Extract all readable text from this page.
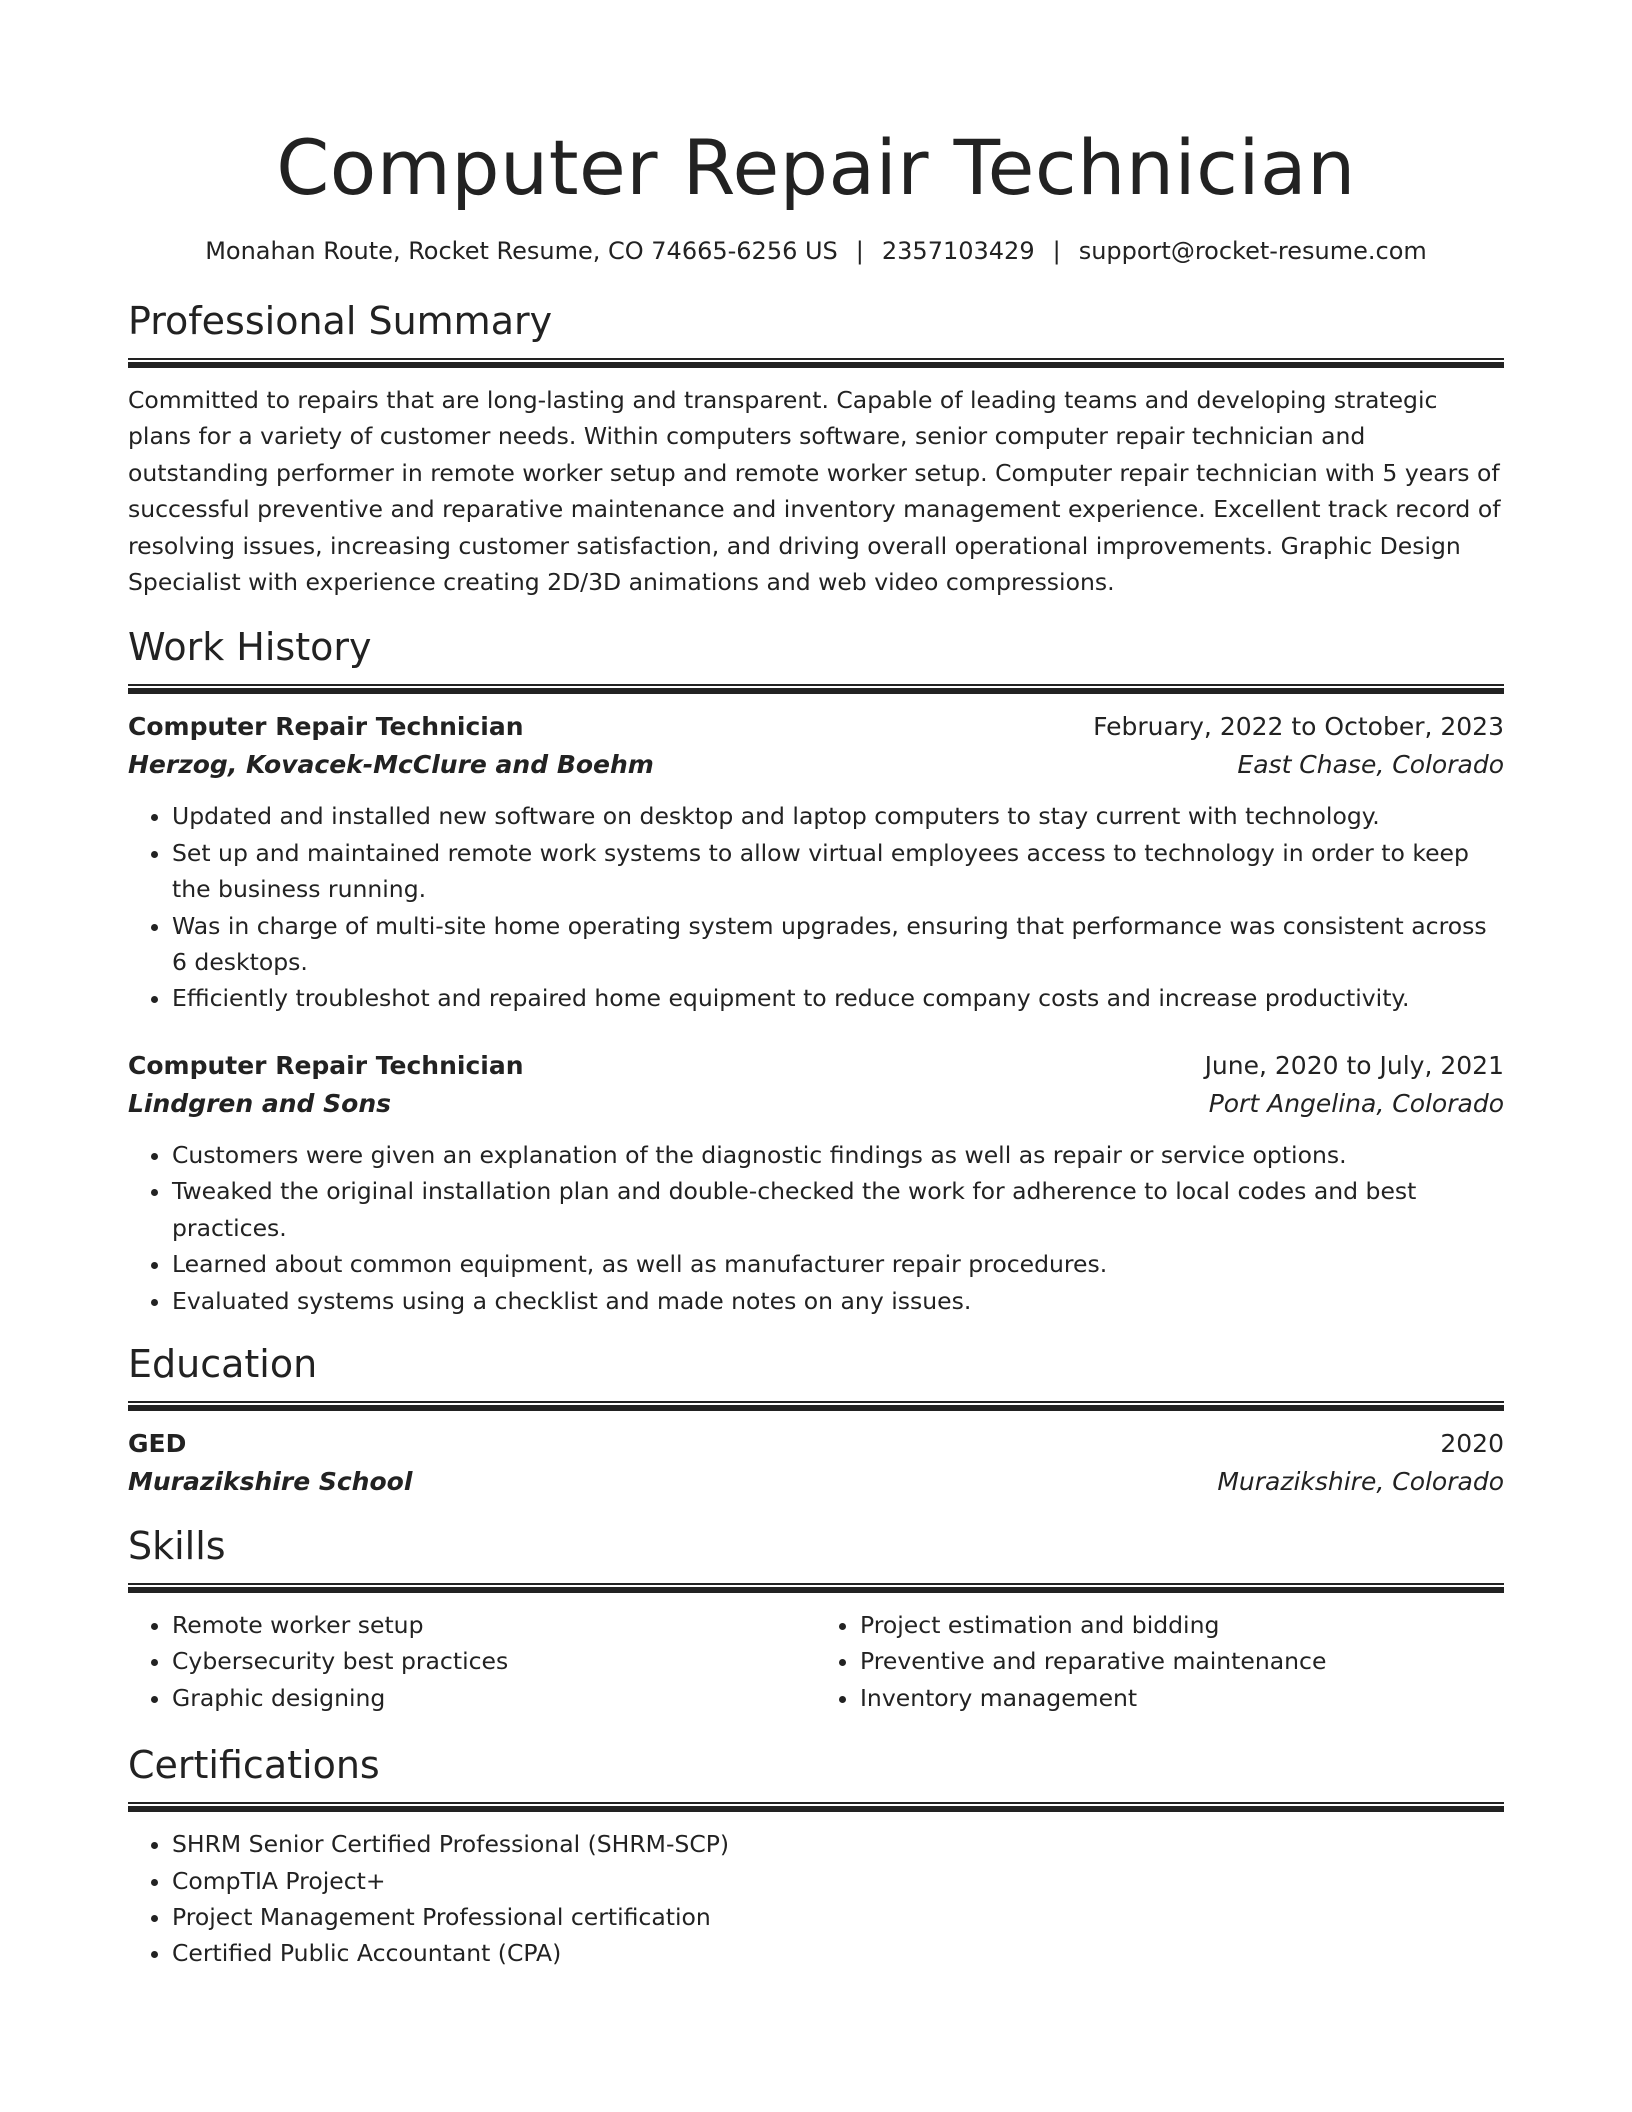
Computer Repair Technician
Monahan Route, Rocket Resume, CO 74665-6256 US | 2357103429 | support@rocket-resume.com
Professional Summary
Committed to repairs that are long-lasting and transparent. Capable of leading teams and developing strategic plans for a variety of customer needs. Within computers software, senior computer repair technician and outstanding performer in remote worker setup and remote worker setup. Computer repair technician with 5 years of successful preventive and reparative maintenance and inventory management experience. Excellent track record of resolving issues, increasing customer satisfaction, and driving overall operational improvements. Graphic Design Specialist with experience creating 2D/3D animations and web video compressions.
Work History
Computer Repair Technician	February, 2022 to October, 2023
Herzog, Kovacek-McClure and Boehm	East Chase, Colorado
• Updated and installed new software on desktop and laptop computers to stay current with technology.
• Set up and maintained remote work systems to allow virtual employees access to technology in order to keep the business running.
• Was in charge of multi-site home operating system upgrades, ensuring that performance was consistent across 6 desktops.
• Efficiently troubleshot and repaired home equipment to reduce company costs and increase productivity.
Computer Repair Technician	June, 2020 to July, 2021
Lindgren and Sons	Port Angelina, Colorado
• Customers were given an explanation of the diagnostic findings as well as repair or service options.
• Tweaked the original installation plan and double-checked the work for adherence to local codes and best practices.
• Learned about common equipment, as well as manufacturer repair procedures.
• Evaluated systems using a checklist and made notes on any issues.
Education
GED	2020
Murazikshire School	Murazikshire, Colorado
Skills
• Remote worker setup
• Cybersecurity best practices
• Graphic designing
• Project estimation and bidding
• Preventive and reparative maintenance
• Inventory management
Certifications
• SHRM Senior Certified Professional (SHRM-SCP)
• CompTIA Project+
• Project Management Professional certification
• Certified Public Accountant (CPA)
